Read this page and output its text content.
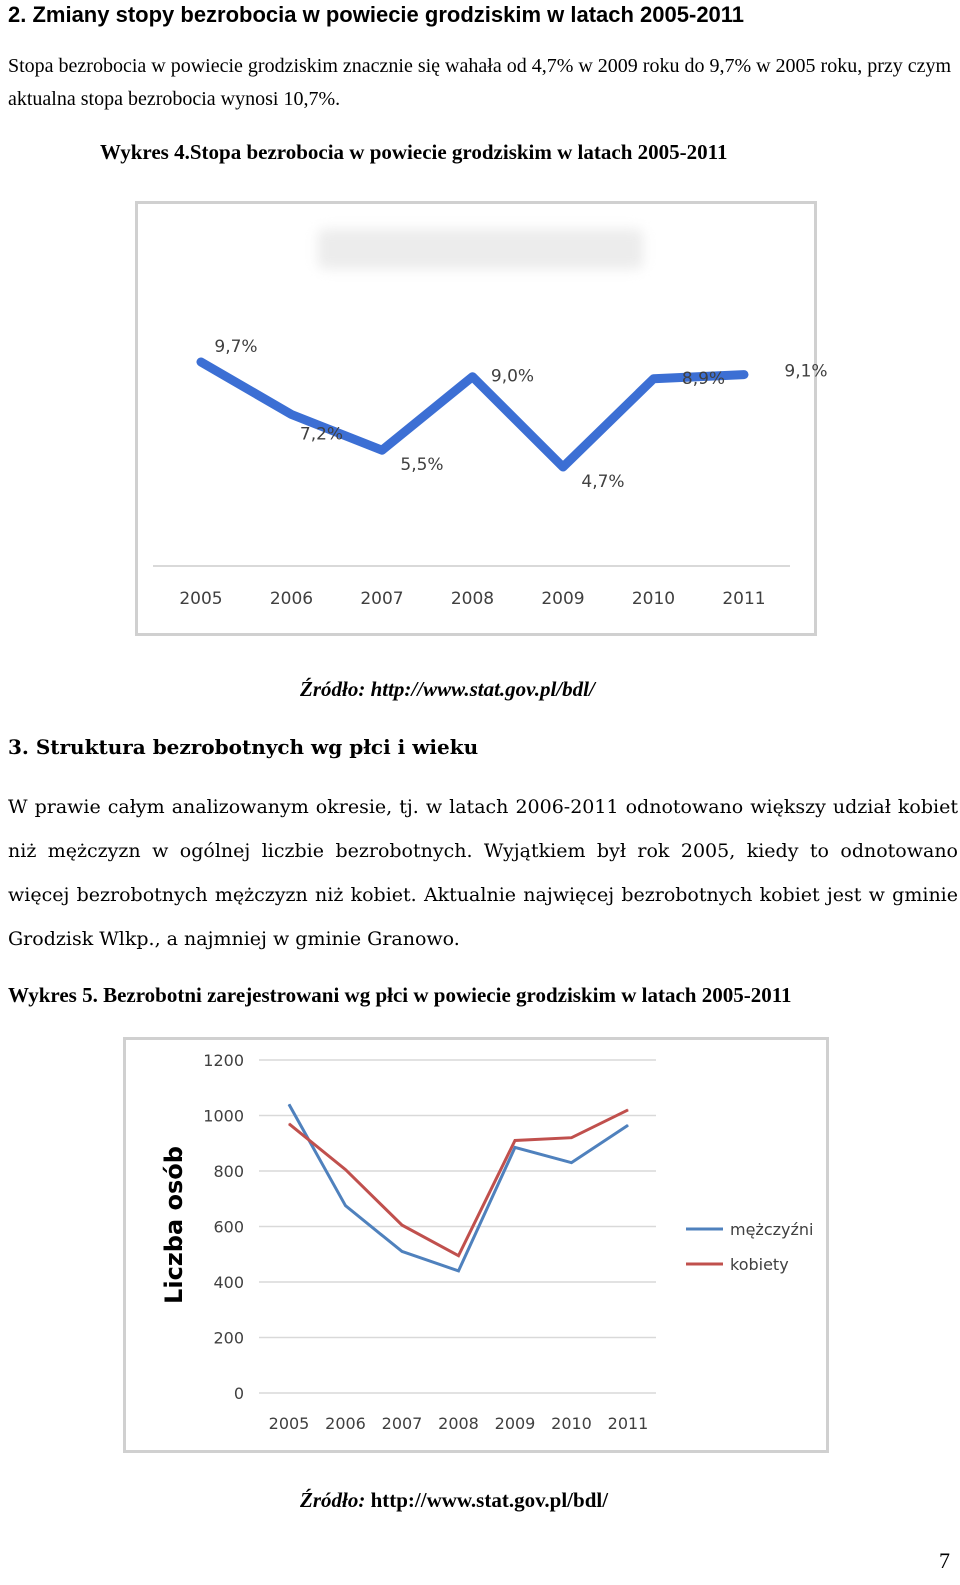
2. Zmiany stopy bezrobocia w powiecie grodziskim w latach 2005-2011
Stopa bezrobocia w powiecie grodziskim znacznie się wahała od 4,7% w 2009 roku do 9,7% w 2005 roku, przy czym aktualna stopa bezrobocia wynosi 10,7%.
Wykres 4.Stopa bezrobocia w powiecie grodziskim w latach 2005-2011
9,7%
7,2%
5,5%
9,0%
4,7%
8,9%	9,1%
2005	2006	2007	2008	2009	2010	2011
Źródło: http://www.stat.gov.pl/bdl/
3. Struktura bezrobotnych wg płci i wieku
W prawie całym analizowanym okresie, tj. w latach 2006-2011 odnotowano większy udział kobiet niż mężczyzn w ogólnej liczbie bezrobotnych. Wyjątkiem był rok 2005, kiedy to odnotowano więcej bezrobotnych mężczyzn niż kobiet. Aktualnie najwięcej bezrobotnych kobiet jest w gminie Grodzisk Wlkp., a najmniej w gminie Granowo.
Wykres 5. Bezrobotni zarejestrowani wg płci w powiecie grodziskim w latach 2005-2011
0
200
400
600
800
1000
1200
Liczba osób
2005 2006 2007 2008 2009 2010 2011
mężczyźni
kobiety
Źródło: http://www.stat.gov.pl/bdl/
7
